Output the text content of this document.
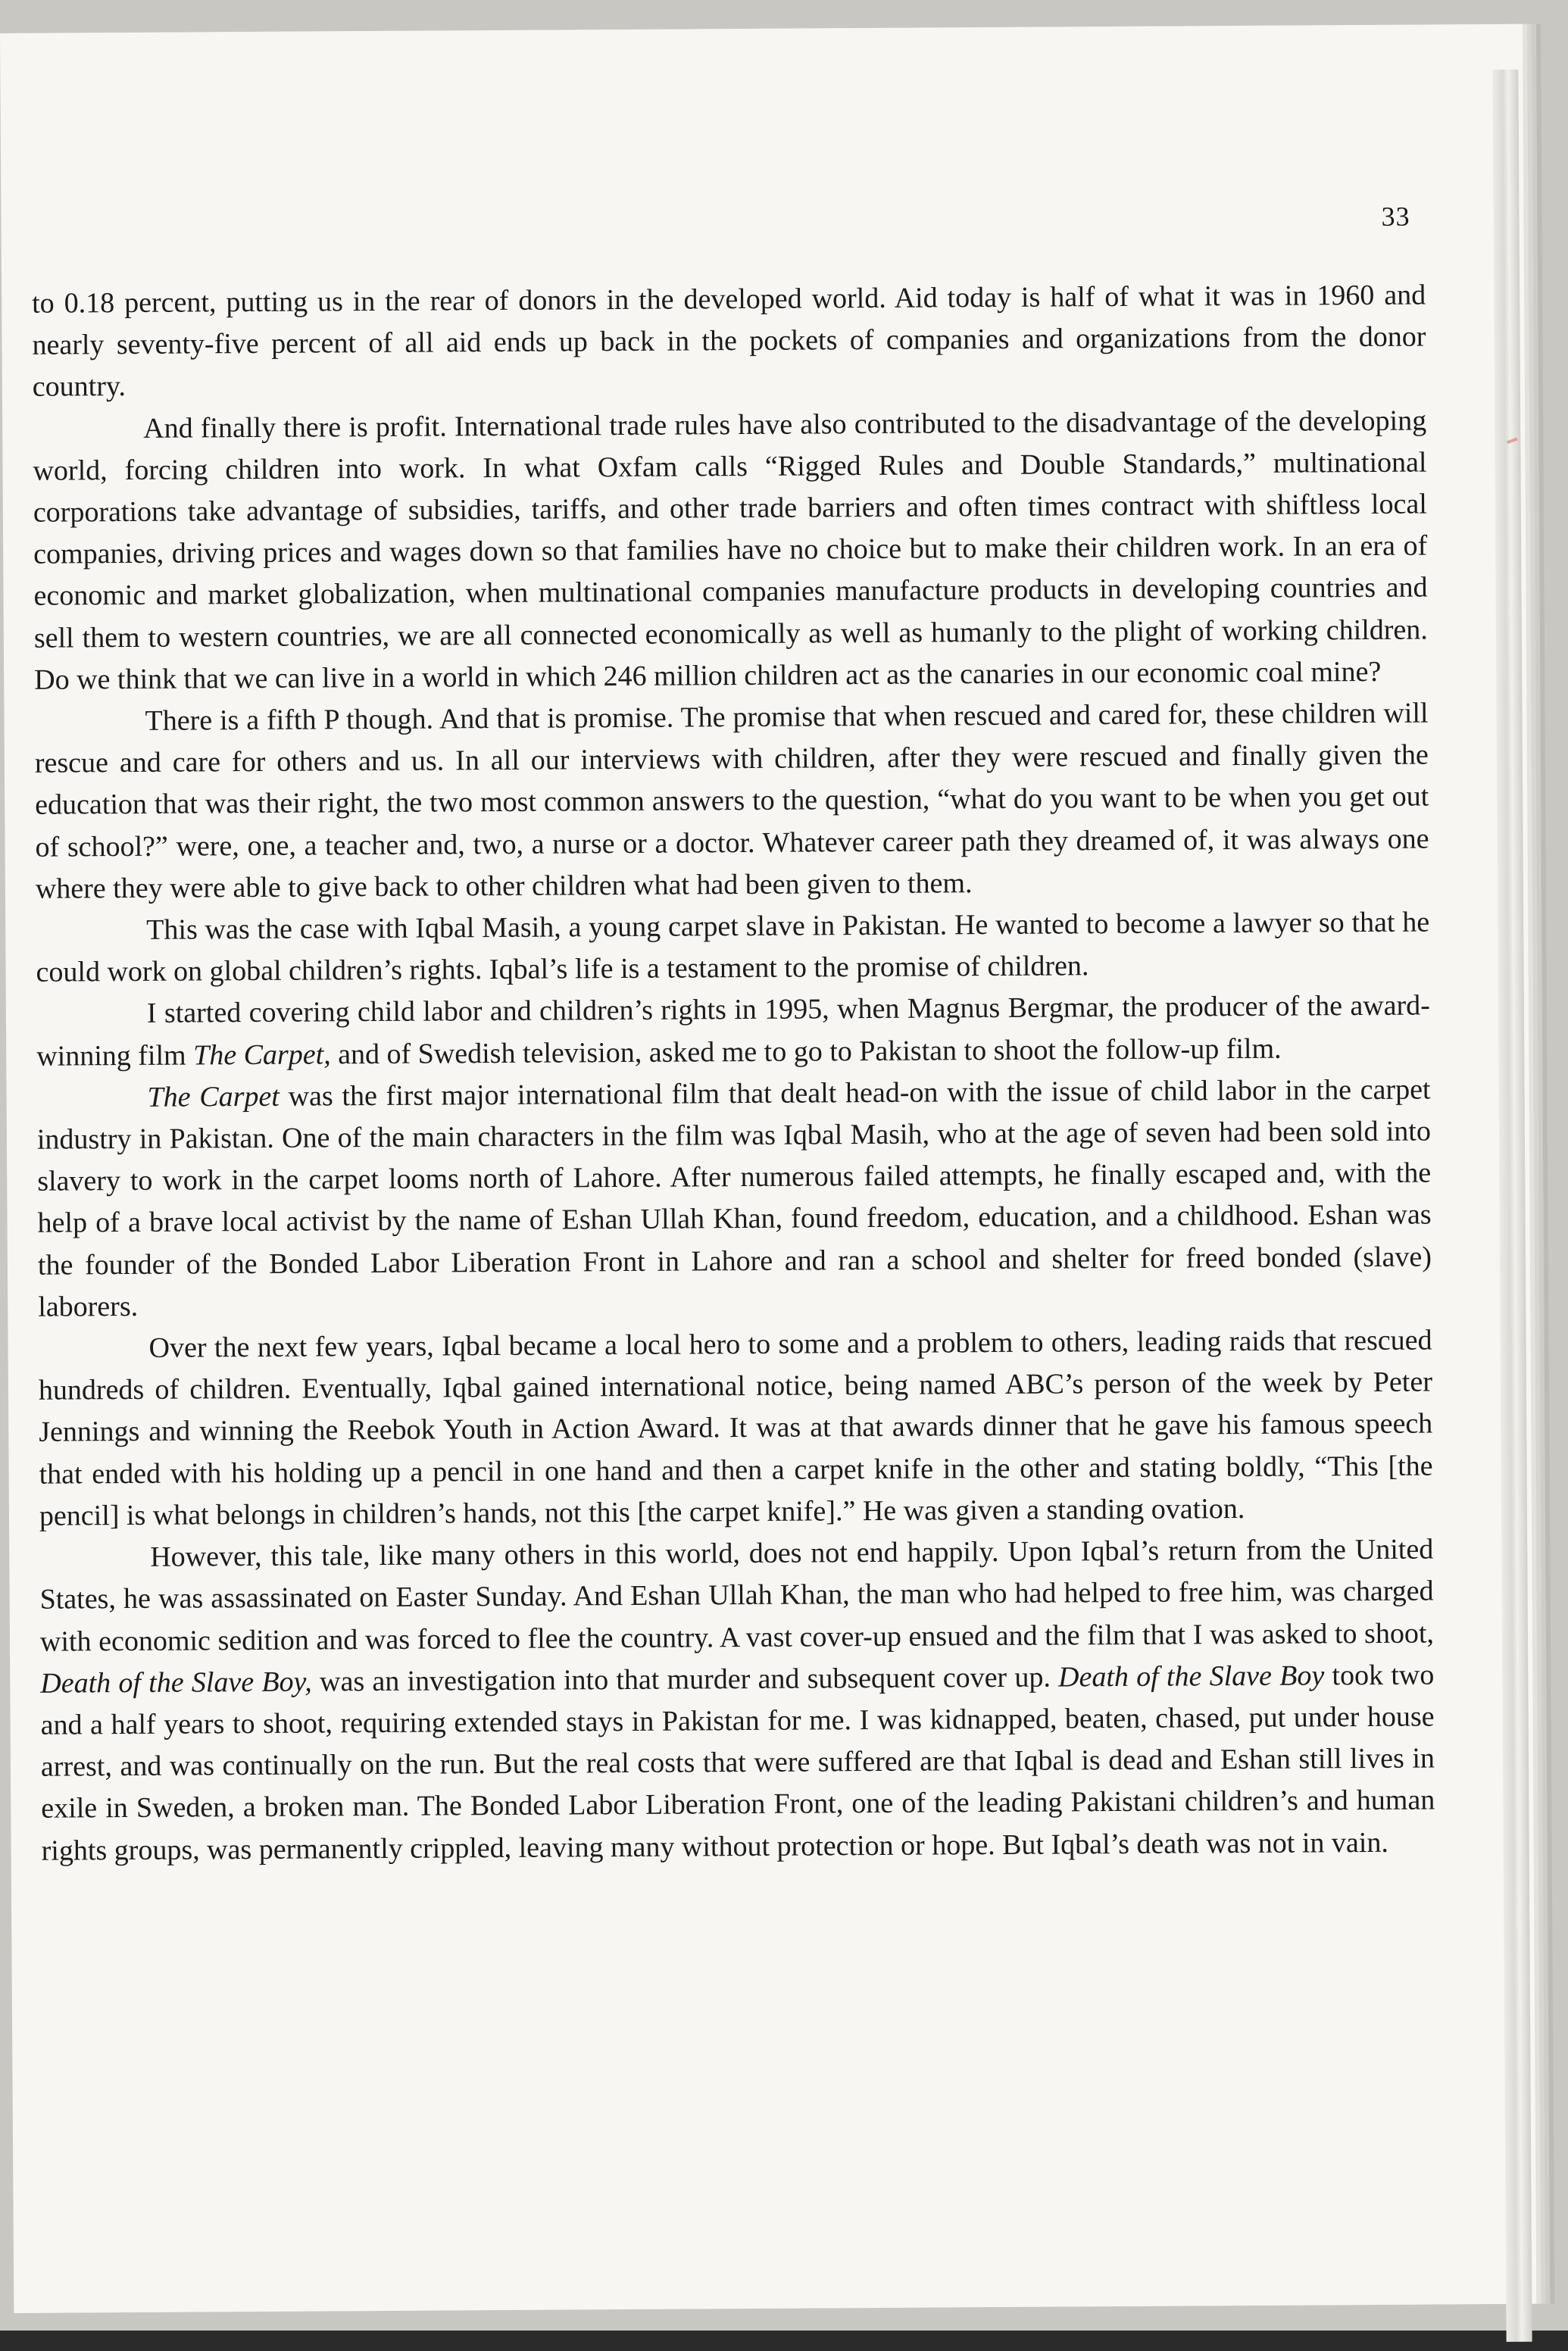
33

to 0.18 percent, putting us in the rear of donors in the developed world. Aid today is half of what it was in 1960 and nearly seventy-five percent of all aid ends up back in the pockets of companies and organizations from the donor country.

And finally there is profit. International trade rules have also contributed to the disadvantage of the developing world, forcing children into work. In what Oxfam calls “Rigged Rules and Double Standards,” multinational corporations take advantage of subsidies, tariffs, and other trade barriers and often times contract with shiftless local companies, driving prices and wages down so that families have no choice but to make their children work. In an era of economic and market globalization, when multinational companies manufacture products in developing countries and sell them to western countries, we are all connected economically as well as humanly to the plight of working children. Do we think that we can live in a world in which 246 million children act as the canaries in our economic coal mine?

There is a fifth P though. And that is promise. The promise that when rescued and cared for, these children will rescue and care for others and us. In all our interviews with children, after they were rescued and finally given the education that was their right, the two most common answers to the question, “what do you want to be when you get out of school?” were, one, a teacher and, two, a nurse or a doctor. Whatever career path they dreamed of, it was always one where they were able to give back to other children what had been given to them.

This was the case with Iqbal Masih, a young carpet slave in Pakistan. He wanted to become a lawyer so that he could work on global children’s rights. Iqbal’s life is a testament to the promise of children.

I started covering child labor and children’s rights in 1995, when Magnus Bergmar, the producer of the award-winning film The Carpet, and of Swedish television, asked me to go to Pakistan to shoot the follow-up film.

The Carpet was the first major international film that dealt head-on with the issue of child labor in the carpet industry in Pakistan. One of the main characters in the film was Iqbal Masih, who at the age of seven had been sold into slavery to work in the carpet looms north of Lahore. After numerous failed attempts, he finally escaped and, with the help of a brave local activist by the name of Eshan Ullah Khan, found freedom, education, and a childhood. Eshan was the founder of the Bonded Labor Liberation Front in Lahore and ran a school and shelter for freed bonded (slave) laborers.

Over the next few years, Iqbal became a local hero to some and a problem to others, leading raids that rescued hundreds of children. Eventually, Iqbal gained international notice, being named ABC’s person of the week by Peter Jennings and winning the Reebok Youth in Action Award. It was at that awards dinner that he gave his famous speech that ended with his holding up a pencil in one hand and then a carpet knife in the other and stating boldly, “This [the pencil] is what belongs in children’s hands, not this [the carpet knife].” He was given a standing ovation.

However, this tale, like many others in this world, does not end happily. Upon Iqbal’s return from the United States, he was assassinated on Easter Sunday. And Eshan Ullah Khan, the man who had helped to free him, was charged with economic sedition and was forced to flee the country. A vast cover-up ensued and the film that I was asked to shoot, Death of the Slave Boy, was an investigation into that murder and subsequent cover up. Death of the Slave Boy took two and a half years to shoot, requiring extended stays in Pakistan for me. I was kidnapped, beaten, chased, put under house arrest, and was continually on the run. But the real costs that were suffered are that Iqbal is dead and Eshan still lives in exile in Sweden, a broken man. The Bonded Labor Liberation Front, one of the leading Pakistani children’s and human rights groups, was permanently crippled, leaving many without protection or hope. But Iqbal’s death was not in vain.
